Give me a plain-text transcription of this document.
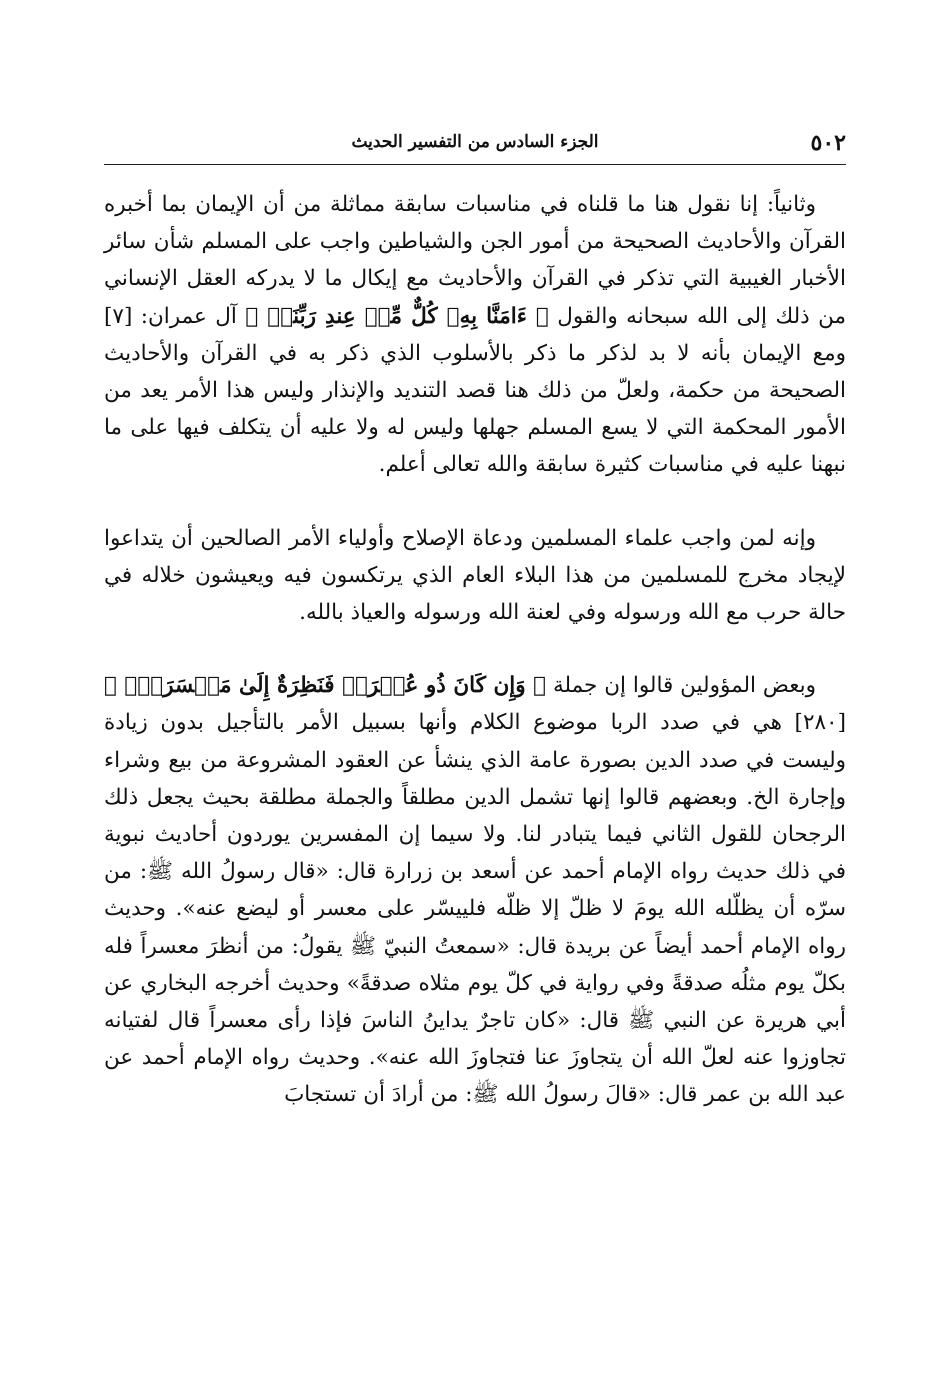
٥٠٢
الجزء السادس من التفسير الحديث

وثانياً: إنا نقول هنا ما قلناه في مناسبات سابقة مماثلة من أن الإيمان بما أخبره القرآن والأحاديث الصحيحة من أمور الجن والشياطين واجب على المسلم شأن سائر الأخبار الغيبية التي تذكر في القرآن والأحاديث مع إيكال ما لا يدركه العقل الإنساني من ذلك إلى الله سبحانه والقول ﴿ ءَامَنَّا بِهِۦ كُلٌّ مِّنۡ عِندِ رَبِّنَاۗ ﴾ آل عمران: [٧] ومع الإيمان بأنه لا بد لذكر ما ذكر بالأسلوب الذي ذكر به في القرآن والأحاديث الصحيحة من حكمة، ولعلّ من ذلك هنا قصد التنديد والإنذار وليس هذا الأمر يعد من الأمور المحكمة التي لا يسع المسلم جهلها وليس له ولا عليه أن يتكلف فيها على ما نبهنا عليه في مناسبات كثيرة سابقة والله تعالى أعلم.

وإنه لمن واجب علماء المسلمين ودعاة الإصلاح وأولياء الأمر الصالحين أن يتداعوا لإيجاد مخرج للمسلمين من هذا البلاء العام الذي يرتكسون فيه ويعيشون خلاله في حالة حرب مع الله ورسوله وفي لعنة الله ورسوله والعياذ بالله.

وبعض المؤولين قالوا إن جملة ﴿ وَإِن كَانَ ذُو عُسۡرَةٖ فَنَظِرَةٌ إِلَىٰ مَيۡسَرَةٖۚ ﴾ [٢٨٠] هي في صدد الربا موضوع الكلام وأنها بسبيل الأمر بالتأجيل بدون زيادة وليست في صدد الدين بصورة عامة الذي ينشأ عن العقود المشروعة من بيع وشراء وإجارة الخ. وبعضهم قالوا إنها تشمل الدين مطلقاً والجملة مطلقة بحيث يجعل ذلك الرجحان للقول الثاني فيما يتبادر لنا. ولا سيما إن المفسرين يوردون أحاديث نبوية في ذلك حديث رواه الإمام أحمد عن أسعد بن زرارة قال: «قال رسولُ الله ﷺ: من سرّه أن يظلّله الله يومَ لا ظلّ إلا ظلّه فلييسّر على معسر أو ليضع عنه». وحديث رواه الإمام أحمد أيضاً عن بريدة قال: «سمعتُ النبيّ ﷺ يقولُ: من أنظرَ معسراً فله بكلّ يوم مثلُه صدقةً وفي رواية في كلّ يوم مثلاه صدقةً» وحديث أخرجه البخاري عن أبي هريرة عن النبي ﷺ قال: «كان تاجرٌ يداينُ الناسَ فإذا رأى معسراً قال لفتيانه تجاوزوا عنه لعلّ الله أن يتجاوزَ عنا فتجاوزَ الله عنه». وحديث رواه الإمام أحمد عن عبد الله بن عمر قال: «قالَ رسولُ الله ﷺ: من أرادَ أن تستجابَ
